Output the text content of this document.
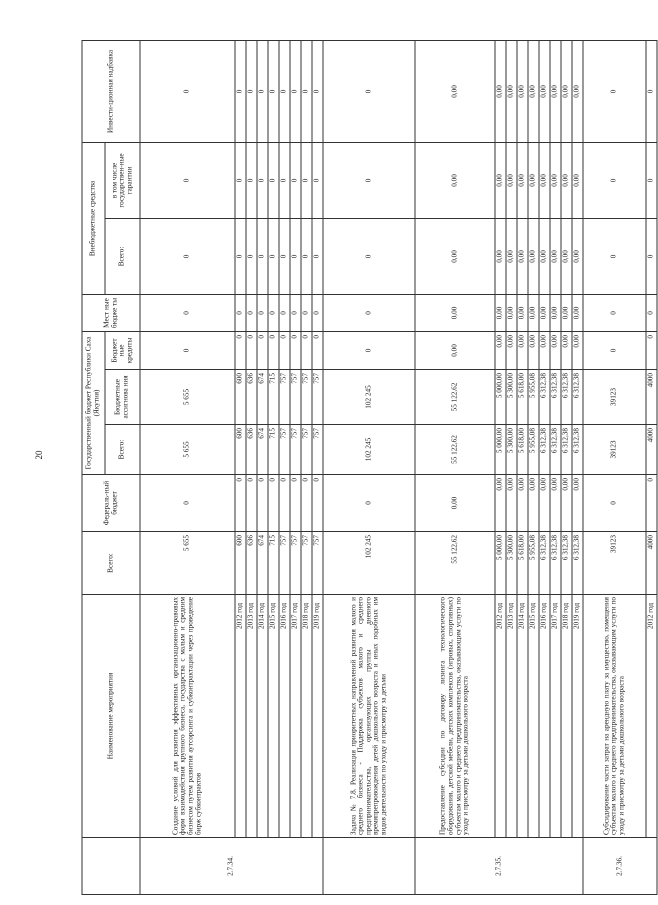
20
	Наименование мероприятия	Всего:	Федераль-ный бюджет	Государственный бюджет Республики Саха (Якутия)			Мест ные бюдже ты	Внебюджетные средства		Инвести-ционная надбавка
				Всего:	Бюджетные ассигнова ния	Бюджет ные кредиты		Всего:	в том числе государствен-ные гарантии	
2.7.34.	Создание условий для развития эффективных организационно-правовых форм взаимодействия крупного бизнеса, государства с малым и средним бизнесом путем развития аутсорсинга и субконтрактации через проведение бирж субконтрактов	5 655	0	5 655	5 655	0	0	0	0	0
	2012 год	600	0	600	600	0	0	0	0	0
	2013 год	636	0	636	636	0	0	0	0	0
	2014 год	674	0	674	674	0	0	0	0	0
	2015 год	715	0	715	715	0	0	0	0	0
	2016 год	757	0	757	757	0	0	0	0	0
	2017 год	757	0	757	757	0	0	0	0	0
	2018 год	757	0	757	757	0	0	0	0	0
	2019 год	757	0	757	757	0	0	0	0	0
	Задача № 7.8. Реализация приоритетных направлений развития малого и среднего бизнеса - Поддержка субъектов малого и среднего предпринимательства, организующих группы дневного времяпрепровождения детей дошкольного возраста и иных подобных им видов деятельности по уходу и присмотру за детьми	102 245	0	102 245	102 245	0	0	0	0	0
2.7.35.	Предоставление субсидии по договору лизинга технологического оборудования, детской мебели, детских комплексов (игровых, спортивных) субъектам малого и среднего предпринимательства, оказывающим услуги по уходу и присмотру за детьми дошкольного возраста	55 122,62	0,00	55 122,62	55 122,62	0,00	0,00	0,00	0,00	0,00
	2012 год	5 000,00	0,00	5 000,00	5 000,00	0,00	0,00	0,00	0,00	0,00
	2013 год	5 300,00	0,00	5 300,00	5 300,00	0,00	0,00	0,00	0,00	0,00
	2014 год	5 618,00	0,00	5 618,00	5 618,00	0,00	0,00	0,00	0,00	0,00
	2015 год	5 955,08	0,00	5 955,08	5 955,08	0,00	0,00	0,00	0,00	0,00
	2016 год	6 312,38	0,00	6 312,38	6 312,38	0,00	0,00	0,00	0,00	0,00
	2017 год	6 312,38	0,00	6 312,38	6 312,38	0,00	0,00	0,00	0,00	0,00
	2018 год	6 312,38	0,00	6 312,38	6 312,38	0,00	0,00	0,00	0,00	0,00
	2019 год	6 312,38	0,00	6 312,38	6 312,38	0,00	0,00	0,00	0,00	0,00
2.7.36.	Субсидирование части затрат на арендную плату за имущество, помещения субъектам малого и среднего предпринимательства, оказывающим услуги по уходу и присмотру за детьми дошкольного возраста	39123	0	39123	39123	0	0	0	0	0
	2012 год	4000	0	4000	4000	0	0	0	0	0
